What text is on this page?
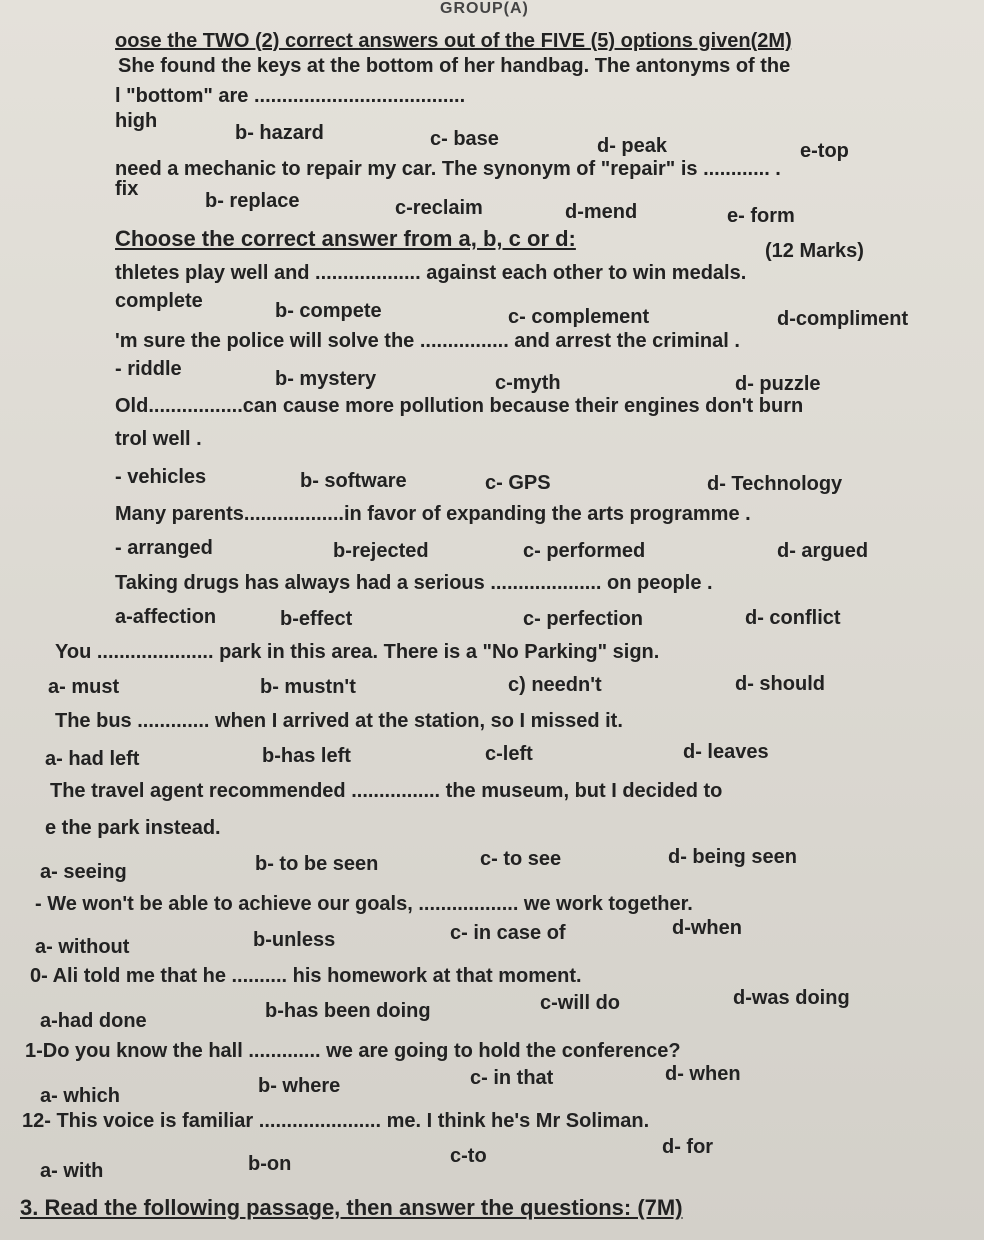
GROUP(A)
oose the TWO (2) correct answers out of the FIVE (5) options given(2M)
She found the keys at the bottom of her handbag. The antonyms of the
l "bottom" are ......................................
high
b- hazard	c- base	d- peak	e-top
need a mechanic to repair my car. The synonym of "repair" is ............ .
fix
b- replace	c-reclaim	d-mend	e- form
Choose the correct answer from a, b, c or d:	(12 Marks)
thletes play well and ................... against each other to win medals.
complete	b- compete	c- complement	d-compliment
'm sure the police will solve the ................ and arrest the criminal .
- riddle	b- mystery	c-myth	d- puzzle
Old.................can cause more pollution because their engines don't burn
trol well .
- vehicles	b- software	c- GPS	d- Technology
Many parents..................in favor of expanding the arts programme .
- arranged	b-rejected	c- performed	d- argued
Taking drugs has always had a serious .................... on people .
a-affection	b-effect	c- perfection	d- conflict
You ..................... park in this area. There is a "No Parking" sign.
a- must	b- mustn't	c) needn't	d- should
The bus ............. when I arrived at the station, so I missed it.
a- had left	b-has left	c-left	d- leaves
The travel agent recommended ................ the museum, but I decided to
e the park instead.
a- seeing	b- to be seen	c- to see	d- being seen
- We won't be able to achieve our goals, .................. we work together.
a- without	b-unless	c- in case of	d-when
0- Ali told me that he .......... his homework at that moment.
a-had done	b-has been doing	c-will do	d-was doing
1-Do you know the hall ............. we are going to hold the conference?
a- which	b- where	c- in that	d- when
12- This voice is familiar ...................... me. I think he's Mr Soliman.
a- with	b-on	c-to	d- for
3. Read the following passage, then answer the questions: (7M)
